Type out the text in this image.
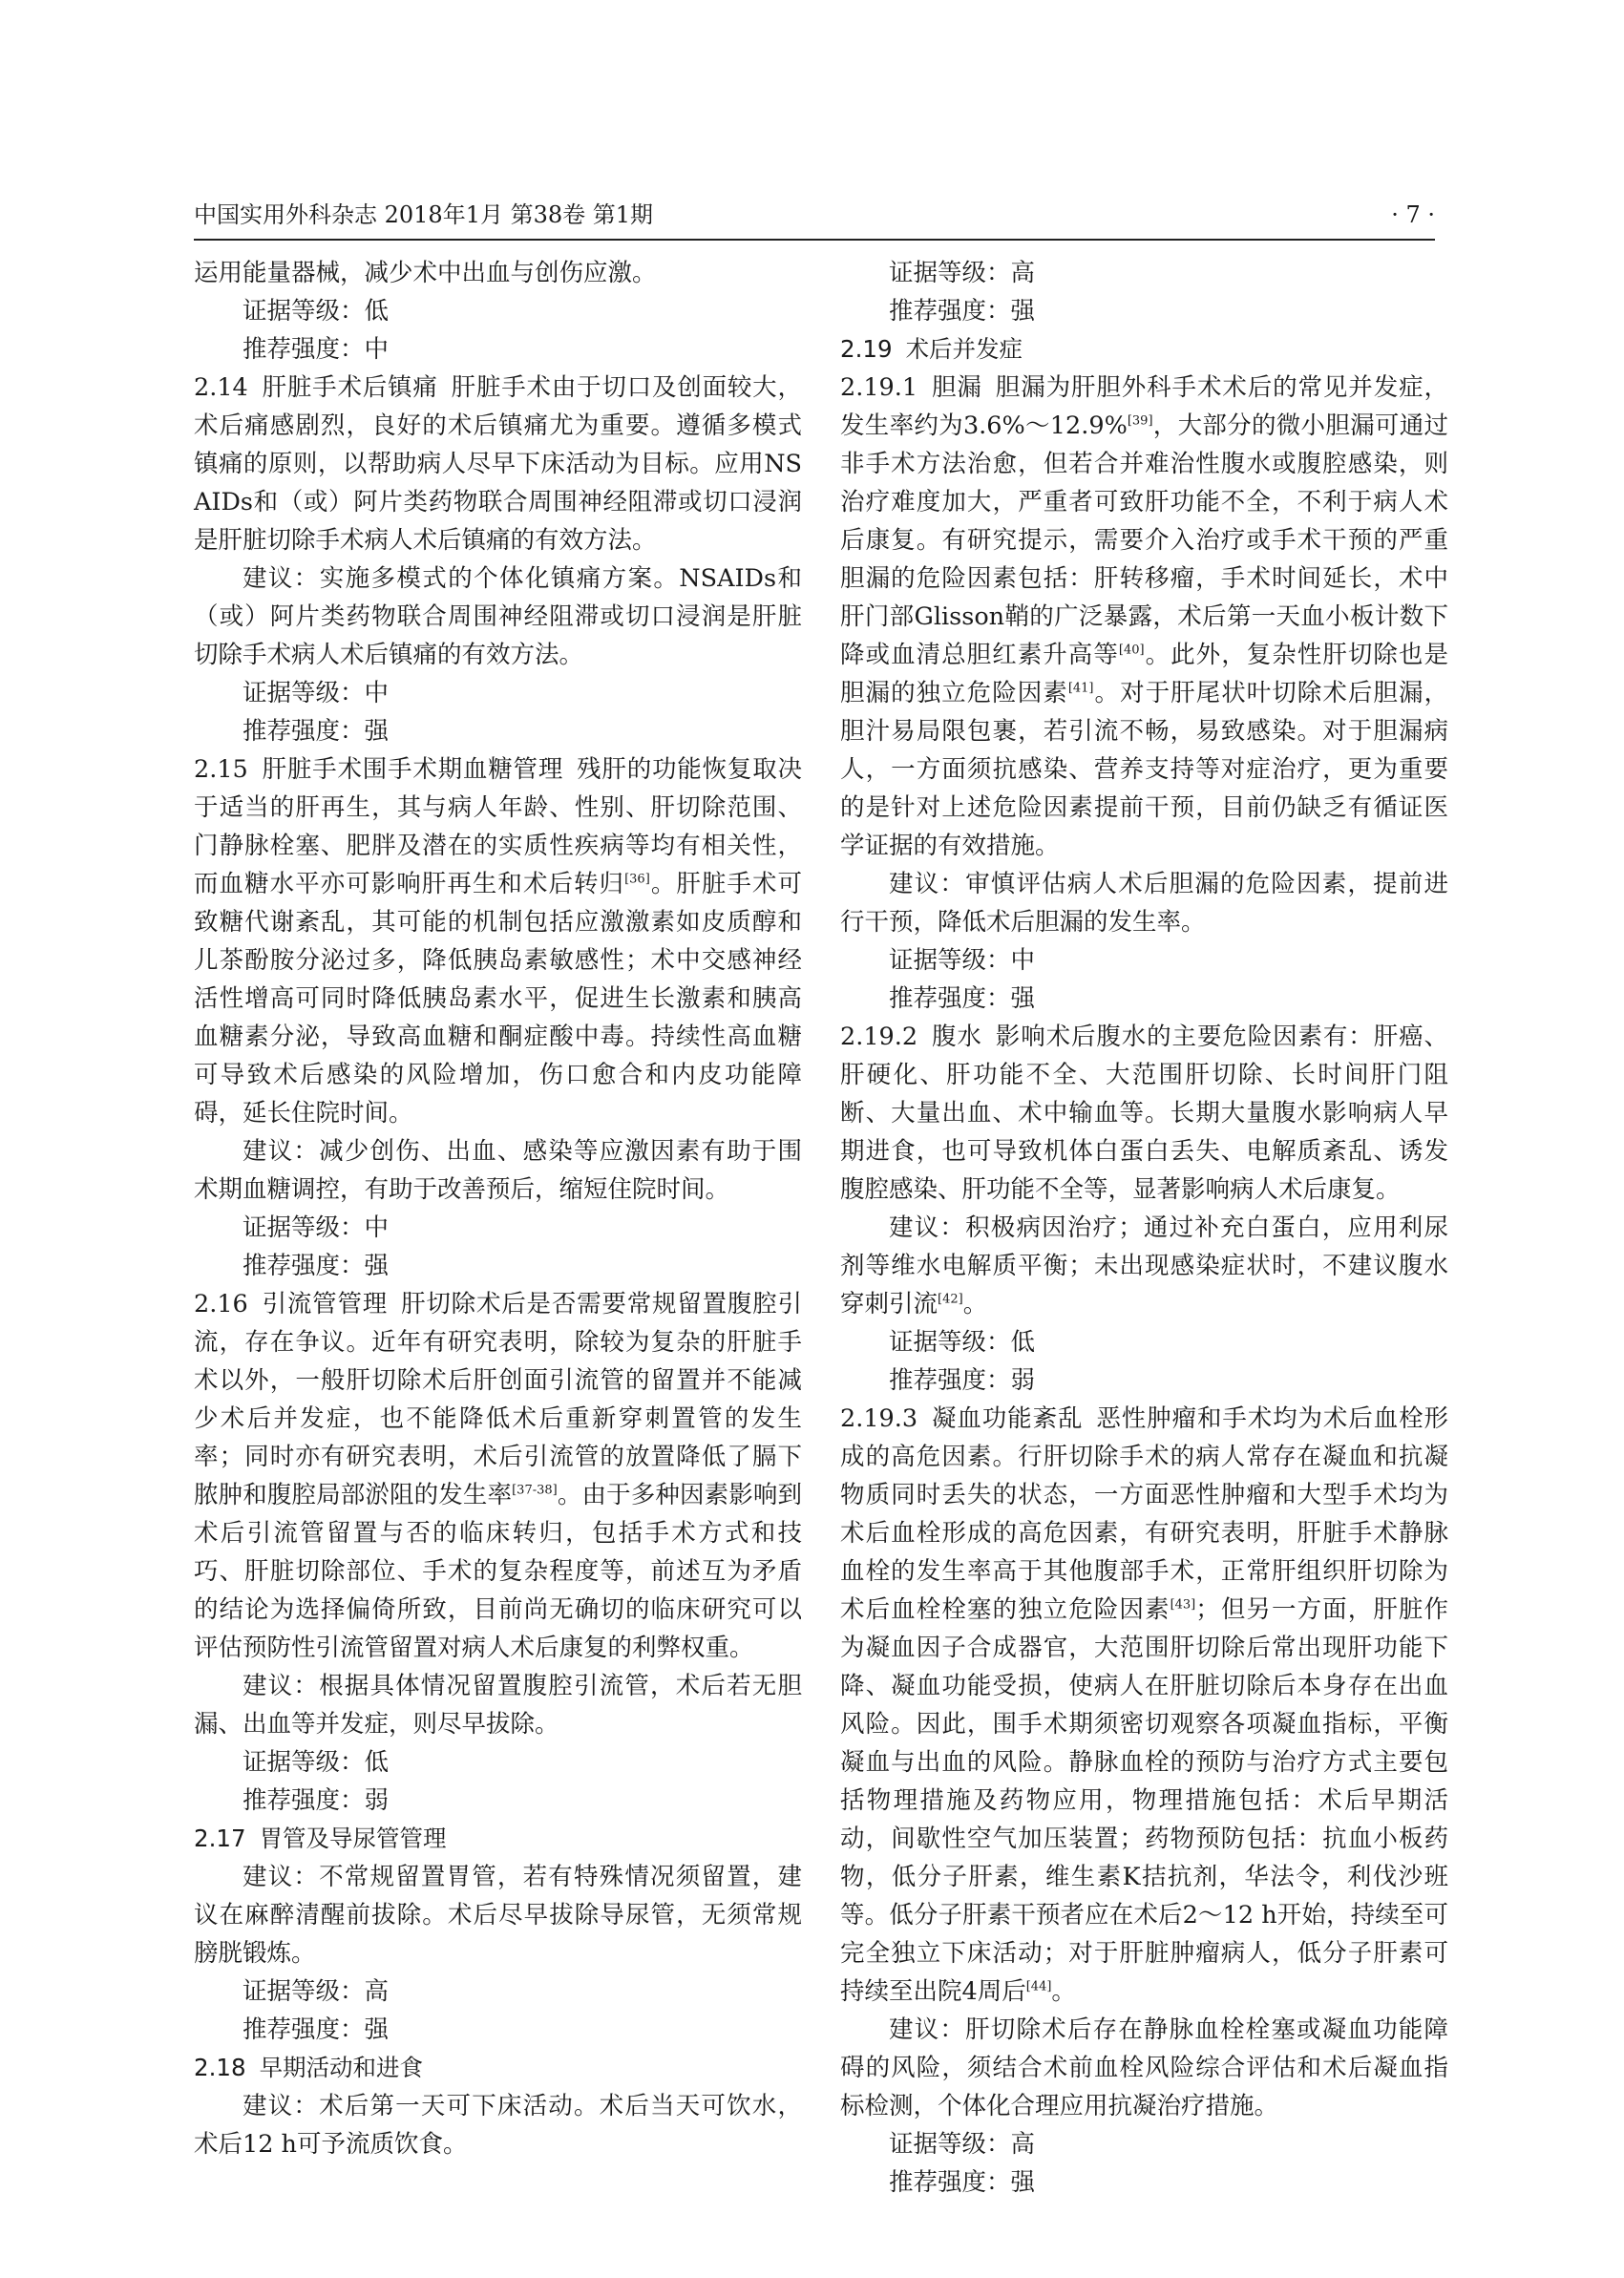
中国实用外科杂志 2018年1月 第38卷 第1期	· 7 ·

运用能量器械，减少术中出血与创伤应激。

证据等级：低

推荐强度：中

2.14 肝脏手术后镇痛 肝脏手术由于切口及创面较大，术后痛感剧烈，良好的术后镇痛尤为重要。遵循多模式镇痛的原则，以帮助病人尽早下床活动为目标。应用NSAIDs和（或）阿片类药物联合周围神经阻滞或切口浸润是肝脏切除手术病人术后镇痛的有效方法。

建议：实施多模式的个体化镇痛方案。NSAIDs和（或）阿片类药物联合周围神经阻滞或切口浸润是肝脏切除手术病人术后镇痛的有效方法。

证据等级：中

推荐强度：强

2.15 肝脏手术围手术期血糖管理 残肝的功能恢复取决于适当的肝再生，其与病人年龄、性别、肝切除范围、门静脉栓塞、肥胖及潜在的实质性疾病等均有相关性，而血糖水平亦可影响肝再生和术后转归[36]。肝脏手术可致糖代谢紊乱，其可能的机制包括应激激素如皮质醇和儿茶酚胺分泌过多，降低胰岛素敏感性；术中交感神经活性增高可同时降低胰岛素水平，促进生长激素和胰高血糖素分泌，导致高血糖和酮症酸中毒。持续性高血糖可导致术后感染的风险增加，伤口愈合和内皮功能障碍，延长住院时间。

建议：减少创伤、出血、感染等应激因素有助于围术期血糖调控，有助于改善预后，缩短住院时间。

证据等级：中

推荐强度：强

2.16 引流管管理 肝切除术后是否需要常规留置腹腔引流，存在争议。近年有研究表明，除较为复杂的肝脏手术以外，一般肝切除术后肝创面引流管的留置并不能减少术后并发症，也不能降低术后重新穿刺置管的发生率；同时亦有研究表明，术后引流管的放置降低了膈下脓肿和腹腔局部淤阻的发生率[37-38]。由于多种因素影响到术后引流管留置与否的临床转归，包括手术方式和技巧、肝脏切除部位、手术的复杂程度等，前述互为矛盾的结论为选择偏倚所致，目前尚无确切的临床研究可以评估预防性引流管留置对病人术后康复的利弊权重。

建议：根据具体情况留置腹腔引流管，术后若无胆漏、出血等并发症，则尽早拔除。

证据等级：低

推荐强度：弱

2.17 胃管及导尿管管理

建议：不常规留置胃管，若有特殊情况须留置，建议在麻醉清醒前拔除。术后尽早拔除导尿管，无须常规膀胱锻炼。

证据等级：高

推荐强度：强

2.18 早期活动和进食

建议：术后第一天可下床活动。术后当天可饮水，术后12 h可予流质饮食。

证据等级：高

推荐强度：强

2.19 术后并发症

2.19.1 胆漏 胆漏为肝胆外科手术术后的常见并发症，发生率约为3.6%～12.9%[39]，大部分的微小胆漏可通过非手术方法治愈，但若合并难治性腹水或腹腔感染，则治疗难度加大，严重者可致肝功能不全，不利于病人术后康复。有研究提示，需要介入治疗或手术干预的严重胆漏的危险因素包括：肝转移瘤，手术时间延长，术中肝门部Glisson鞘的广泛暴露，术后第一天血小板计数下降或血清总胆红素升高等[40]。此外，复杂性肝切除也是胆漏的独立危险因素[41]。对于肝尾状叶切除术后胆漏，胆汁易局限包裹，若引流不畅，易致感染。对于胆漏病人，一方面须抗感染、营养支持等对症治疗，更为重要的是针对上述危险因素提前干预，目前仍缺乏有循证医学证据的有效措施。

建议：审慎评估病人术后胆漏的危险因素，提前进行干预，降低术后胆漏的发生率。

证据等级：中

推荐强度：强

2.19.2 腹水 影响术后腹水的主要危险因素有：肝癌、肝硬化、肝功能不全、大范围肝切除、长时间肝门阻断、大量出血、术中输血等。长期大量腹水影响病人早期进食，也可导致机体白蛋白丢失、电解质紊乱、诱发腹腔感染、肝功能不全等，显著影响病人术后康复。

建议：积极病因治疗；通过补充白蛋白，应用利尿剂等维水电解质平衡；未出现感染症状时，不建议腹水穿刺引流[42]。

证据等级：低

推荐强度：弱

2.19.3 凝血功能紊乱 恶性肿瘤和手术均为术后血栓形成的高危因素。行肝切除手术的病人常存在凝血和抗凝物质同时丢失的状态，一方面恶性肿瘤和大型手术均为术后血栓形成的高危因素，有研究表明，肝脏手术静脉血栓的发生率高于其他腹部手术，正常肝组织肝切除为术后血栓栓塞的独立危险因素[43]；但另一方面，肝脏作为凝血因子合成器官，大范围肝切除后常出现肝功能下降、凝血功能受损，使病人在肝脏切除后本身存在出血风险。因此，围手术期须密切观察各项凝血指标，平衡凝血与出血的风险。静脉血栓的预防与治疗方式主要包括物理措施及药物应用，物理措施包括：术后早期活动，间歇性空气加压装置；药物预防包括：抗血小板药物，低分子肝素，维生素K拮抗剂，华法令，利伐沙班等。低分子肝素干预者应在术后2～12 h开始，持续至可完全独立下床活动；对于肝脏肿瘤病人，低分子肝素可持续至出院4周后[44]。

建议：肝切除术后存在静脉血栓栓塞或凝血功能障碍的风险，须结合术前血栓风险综合评估和术后凝血指标检测，个体化合理应用抗凝治疗措施。

证据等级：高

推荐强度：强
